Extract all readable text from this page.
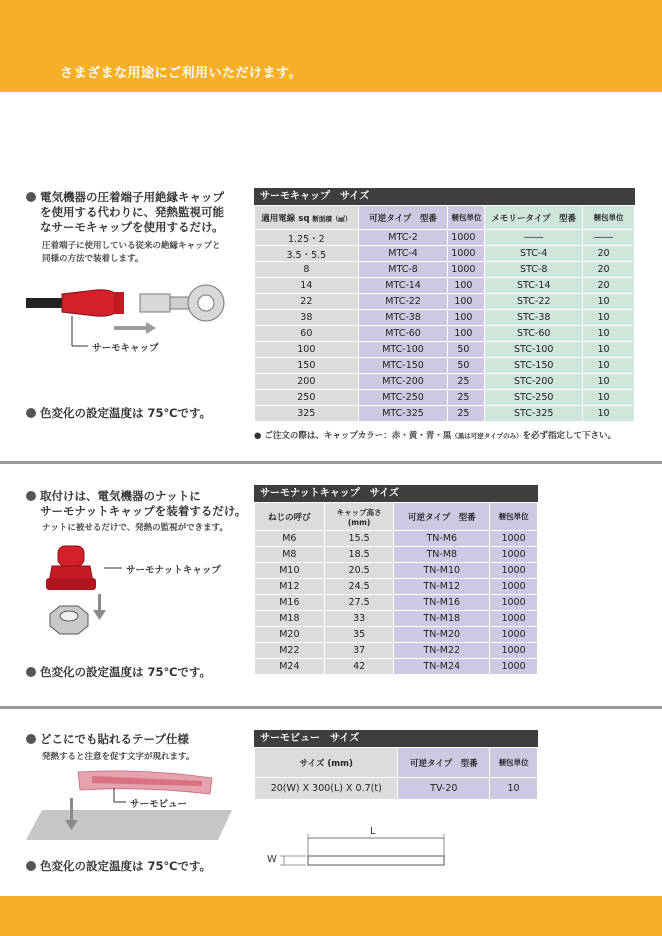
さまざまな用途にご利用いただけます。
電気機器の圧着端子用絶縁キャップ
を使用する代わりに、発熱監視可能
なサーモキャップを使用するだけ。
圧着端子に使用している従来の絶縁キャップと
同様の方法で装着します。
サーモキャップ
色変化の設定温度は 75℃です。
サーモキャップ　サイズ
適用電線 sq 断面積（㎟）	可逆タイプ　型番	梱包単位	メモリータイプ　型番	梱包単位
1.25・2	MTC-2	1000	――	――
3.5・5.5	MTC-4	1000	STC-4	20
8	MTC-8	1000	STC-8	20
14	MTC-14	100	STC-14	20
22	MTC-22	100	STC-22	10
38	MTC-38	100	STC-38	10
60	MTC-60	100	STC-60	10
100	MTC-100	50	STC-100	10
150	MTC-150	50	STC-150	10
200	MTC-200	25	STC-200	10
250	MTC-250	25	STC-250	10
325	MTC-325	25	STC-325	10
● ご注文の際は、キャップカラー：赤・黄・青・黒（黒は可逆タイプのみ）を必ず指定して下さい。
取付けは、電気機器のナットに
サーモナットキャップを装着するだけ。
ナットに被せるだけで、発熱の監視ができます。
サーモナットキャップ
色変化の設定温度は 75℃です。
サーモナットキャップ　サイズ
ねじの呼び	キャップ高さ (mm)	可逆タイプ　型番	梱包単位
M6	15.5	TN-M6	1000
M8	18.5	TN-M8	1000
M10	20.5	TN-M10	1000
M12	24.5	TN-M12	1000
M16	27.5	TN-M16	1000
M18	33	TN-M18	1000
M20	35	TN-M20	1000
M22	37	TN-M22	1000
M24	42	TN-M24	1000
どこにでも貼れるテープ仕様
発熱すると注意を促す文字が現れます。
サーモビュー
色変化の設定温度は 75℃です。
サーモビュー　サイズ
サイズ (mm)	可逆タイプ　型番	梱包単位
20(W) X 300(L) X 0.7(t)	TV-20	10
L
W
